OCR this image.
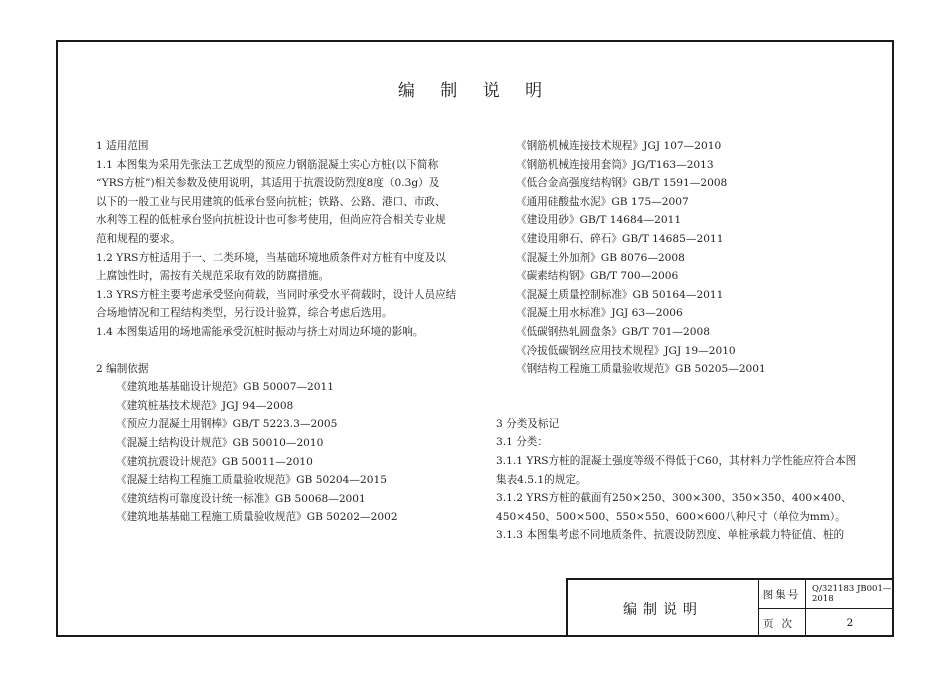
编 制 说 明

1 适用范围

1.1 本图集为采用先张法工艺成型的预应力钢筋混凝土实心方桩(以下简称

“YRS方桩”)相关参数及使用说明，其适用于抗震设防烈度8度（0.3g）及

以下的一般工业与民用建筑的低承台竖向抗桩；铁路、公路、港口、市政、

水利等工程的低桩承台竖向抗桩设计也可参考使用，但尚应符合相关专业规

范和规程的要求。

1.2 YRS方桩适用于一、二类环境，当基础环境地质条件对方桩有中度及以

上腐蚀性时，需按有关规范采取有效的防腐措施。

1.3 YRS方桩主要考虑承受竖向荷载，当同时承受水平荷载时，设计人员应结

合场地情况和工程结构类型，另行设计验算，综合考虑后选用。

1.4 本图集适用的场地需能承受沉桩时振动与挤土对周边环境的影响。

2 编制依据

《建筑地基基础设计规范》GB 50007—2011

《建筑桩基技术规范》JGJ 94—2008

《预应力混凝土用钢棒》GB/T 5223.3—2005

《混凝土结构设计规范》GB 50010—2010

《建筑抗震设计规范》GB 50011—2010

《混凝土结构工程施工质量验收规范》GB 50204—2015

《建筑结构可靠度设计统一标准》GB 50068—2001

《建筑地基基础工程施工质量验收规范》GB 50202—2002

《钢筋机械连接技术规程》JGJ 107—2010

《钢筋机械连接用套筒》JG/T163—2013

《低合金高强度结构钢》GB/T 1591—2008

《通用硅酸盐水泥》GB 175—2007

《建设用砂》GB/T 14684—2011

《建设用卵石、碎石》GB/T 14685—2011

《混凝土外加剂》GB 8076—2008

《碳素结构钢》GB/T 700—2006

《混凝土质量控制标准》GB 50164—2011

《混凝土用水标准》JGJ 63—2006

《低碳钢热轧圆盘条》GB/T 701—2008

《冷拔低碳钢丝应用技术规程》JGJ 19—2010

《钢结构工程施工质量验收规范》GB 50205—2001

3 分类及标记

3.1 分类：

3.1.1 YRS方桩的混凝土强度等级不得低于C60，其材料力学性能应符合本图

集表4.5.1的规定。

3.1.2 YRS方桩的截面有250×250、300×300、350×350、400×400、

450×450、500×500、550×550、600×600八种尺寸（单位为mm）。

3.1.3 本图集考虑不同地质条件、抗震设防烈度、单桩承载力特征值、桩的

编制说明
图集号	Q/321183 JB001—2018
页次	2
